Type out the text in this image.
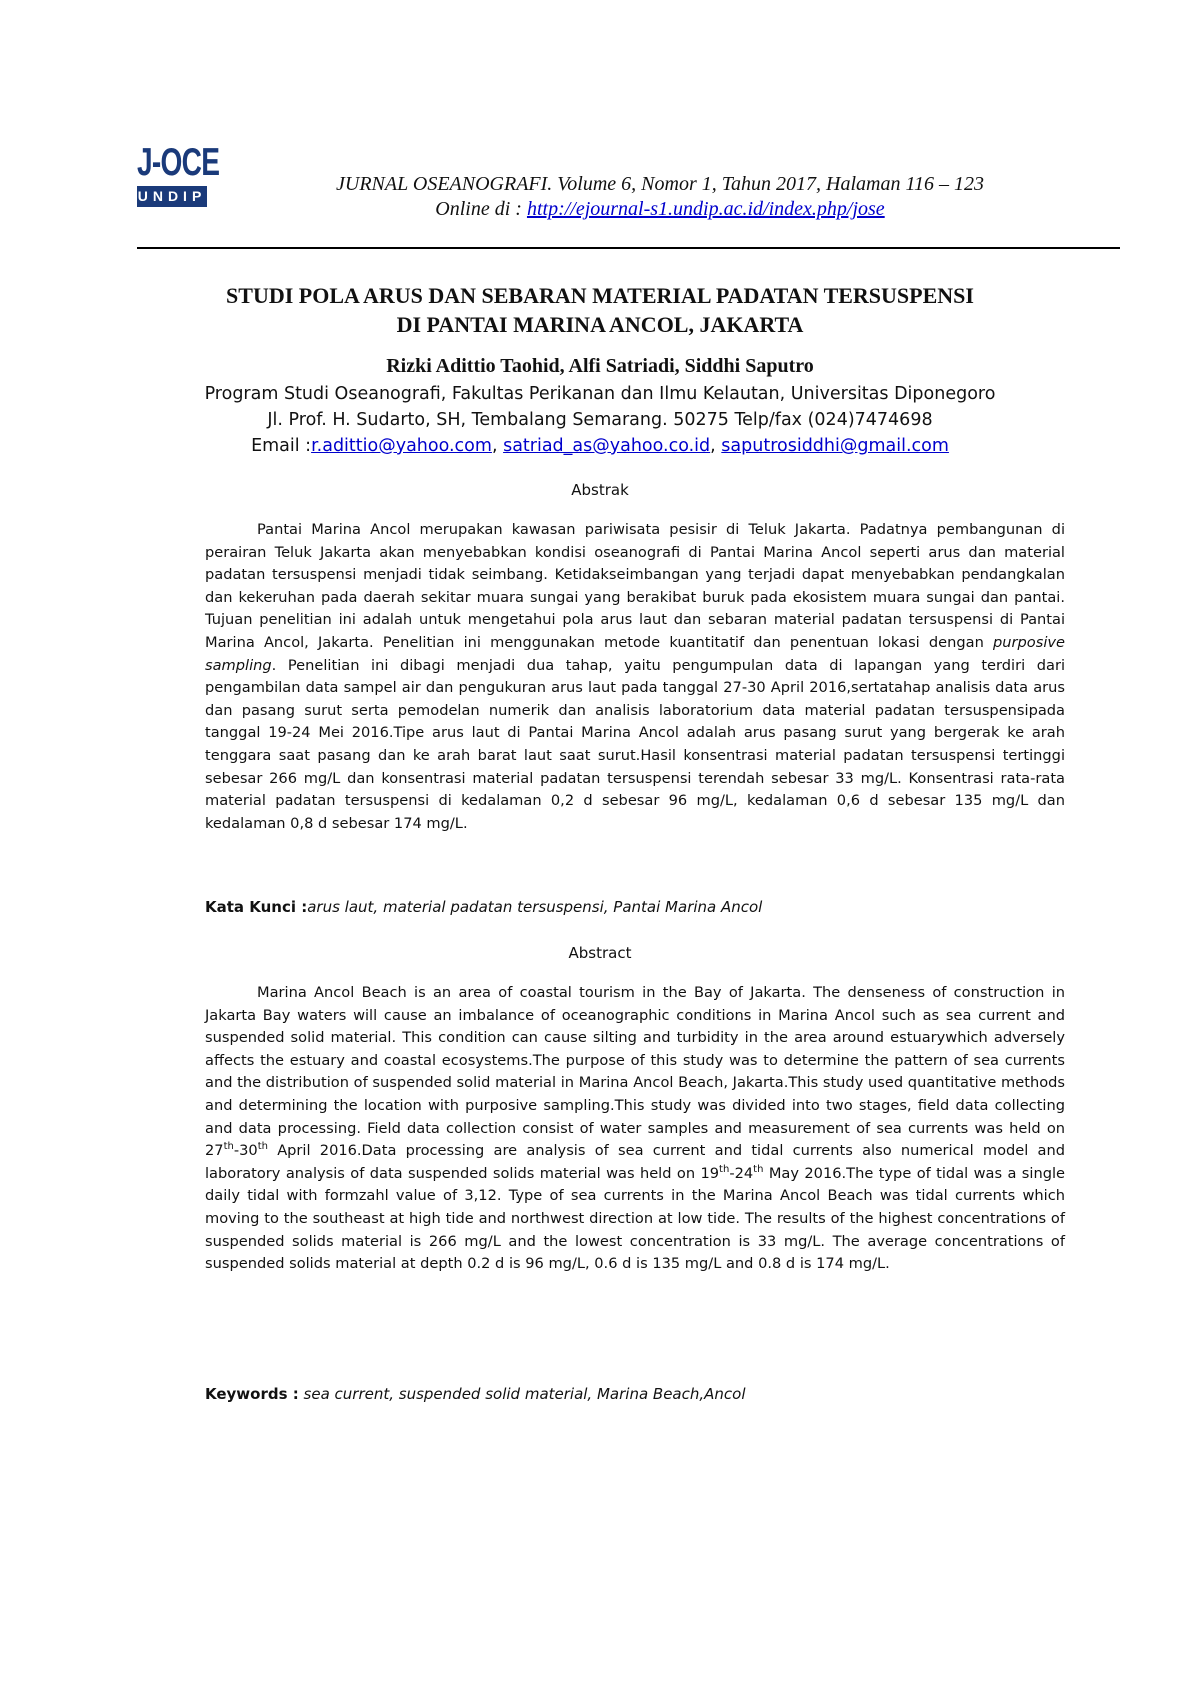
J-OCE
UNDIP
JURNAL OSEANOGRAFI. Volume 6, Nomor 1, Tahun 2017, Halaman 116 – 123
Online di : http://ejournal-s1.undip.ac.id/index.php/jose
STUDI POLA ARUS DAN SEBARAN MATERIAL PADATAN TERSUSPENSI
DI PANTAI MARINA ANCOL, JAKARTA
Rizki Adittio Taohid, Alfi Satriadi, Siddhi Saputro
Program Studi Oseanografi, Fakultas Perikanan dan Ilmu Kelautan, Universitas Diponegoro
Jl. Prof. H. Sudarto, SH, Tembalang Semarang. 50275 Telp/fax (024)7474698
Email :r.adittio@yahoo.com, satriad_as@yahoo.co.id, saputrosiddhi@gmail.com
Abstrak
Pantai Marina Ancol merupakan kawasan pariwisata pesisir di Teluk Jakarta. Padatnya pembangunan di perairan Teluk Jakarta akan menyebabkan kondisi oseanografi di Pantai Marina Ancol seperti arus dan material padatan tersuspensi menjadi tidak seimbang. Ketidakseimbangan yang terjadi dapat menyebabkan pendangkalan dan kekeruhan pada daerah sekitar muara sungai yang berakibat buruk pada ekosistem muara sungai dan pantai. Tujuan penelitian ini adalah untuk mengetahui pola arus laut dan sebaran material padatan tersuspensi di Pantai Marina Ancol, Jakarta. Penelitian ini menggunakan metode kuantitatif dan penentuan lokasi dengan purposive sampling. Penelitian ini dibagi menjadi dua tahap, yaitu pengumpulan data di lapangan yang terdiri dari pengambilan data sampel air dan pengukuran arus laut pada tanggal 27-30 April 2016,sertatahap analisis data arus dan pasang surut serta pemodelan numerik dan analisis laboratorium data material padatan tersuspensipada tanggal 19-24 Mei 2016.Tipe arus laut di Pantai Marina Ancol adalah arus pasang surut yang bergerak ke arah tenggara saat pasang dan ke arah barat laut saat surut.Hasil konsentrasi material padatan tersuspensi tertinggi sebesar 266 mg/L dan konsentrasi material padatan tersuspensi terendah sebesar 33 mg/L. Konsentrasi rata-rata material padatan tersuspensi di kedalaman 0,2 d sebesar 96 mg/L, kedalaman 0,6 d sebesar 135 mg/L dan kedalaman 0,8 d sebesar 174 mg/L.
Kata Kunci :arus laut, material padatan tersuspensi, Pantai Marina Ancol
Abstract
Marina Ancol Beach is an area of coastal tourism in the Bay of Jakarta. The denseness of construction in Jakarta Bay waters will cause an imbalance of oceanographic conditions in Marina Ancol such as sea current and suspended solid material. This condition can cause silting and turbidity in the area around estuarywhich adversely affects the estuary and coastal ecosystems.The purpose of this study was to determine the pattern of sea currents and the distribution of suspended solid material in Marina Ancol Beach, Jakarta.This study used quantitative methods and determining the location with purposive sampling.This study was divided into two stages, field data collecting and data processing. Field data collection consist of water samples and measurement of sea currents was held on 27th-30th April 2016.Data processing are analysis of sea current and tidal currents also numerical model and laboratory analysis of data suspended solids material was held on 19th-24th May 2016.The type of tidal was a single daily tidal with formzahl value of 3,12. Type of sea currents in the Marina Ancol Beach was tidal currents which moving to the southeast at high tide and northwest direction at low tide. The results of the highest concentrations of suspended solids material is 266 mg/L and the lowest concentration is 33 mg/L. The average concentrations of suspended solids material at depth 0.2 d is 96 mg/L, 0.6 d is 135 mg/L and 0.8 d is 174 mg/L.
Keywords : sea current, suspended solid material, Marina Beach,Ancol
